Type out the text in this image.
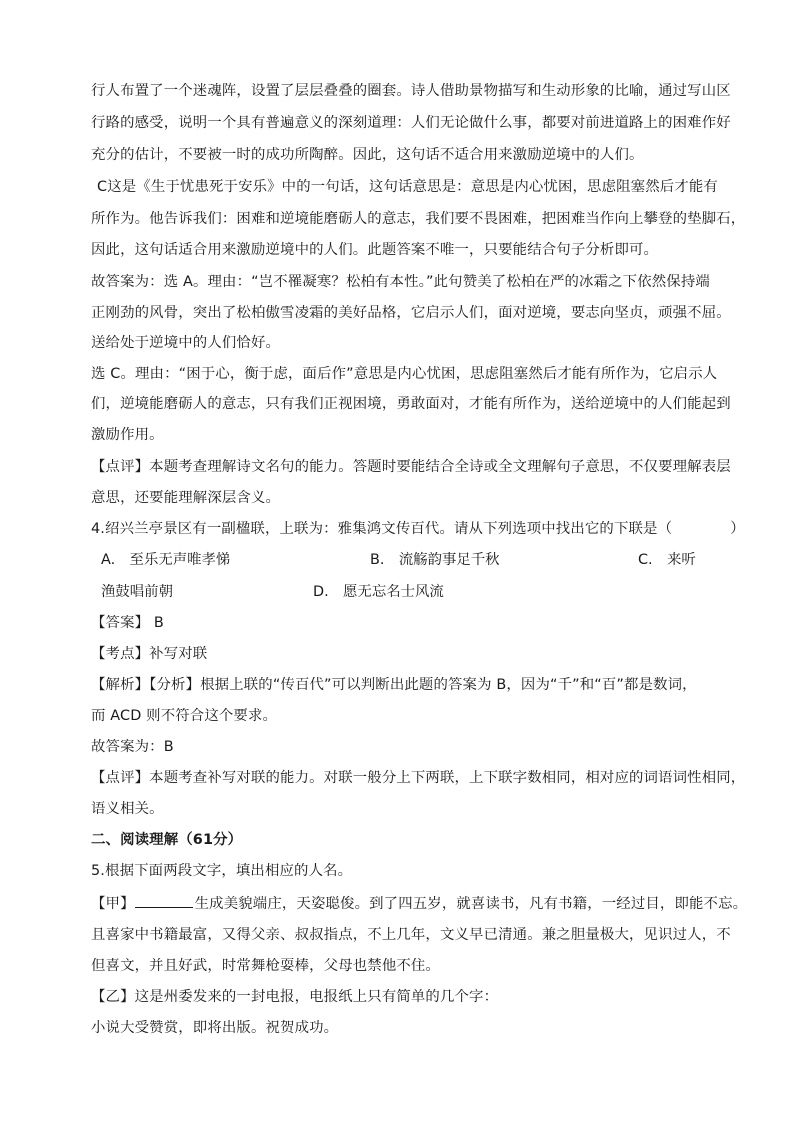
行人布置了一个迷魂阵，设置了层层叠叠的圈套。诗人借助景物描写和生动形象的比喻，通过写山区
行路的感受，说明一个具有普遍意义的深刻道理：人们无论做什么事，都要对前进道路上的困难作好
充分的估计，不要被一时的成功所陶醉。因此，这句话不适合用来激励逆境中的人们。
C这是《生于忧患死于安乐》中的一句话，这句话意思是：意思是内心忧困，思虑阻塞然后才能有
所作为。他告诉我们：困难和逆境能磨砺人的意志，我们要不畏困难，把困难当作向上攀登的垫脚石，
因此，这句话适合用来激励逆境中的人们。此题答案不唯一，只要能结合句子分析即可。
故答案为：选 A。理由：“岂不罹凝寒？松柏有本性。”此句赞美了松柏在严的冰霜之下依然保持端
正刚劲的风骨，突出了松柏傲雪凌霜的美好品格，它启示人们，面对逆境，要志向坚贞，顽强不屈。
送给处于逆境中的人们恰好。
选 C。理由：“困于心，衡于虑，面后作”意思是内心忧困，思虑阻塞然后才能有所作为，它启示人
们，逆境能磨砺人的意志，只有我们正视困境，勇敢面对，才能有所作为，送给逆境中的人们能起到
激励作用。
【点评】本题考查理解诗文名句的能力。答题时要能结合全诗或全文理解句子意思，不仅要理解表层
意思，还要能理解深层含义。
4.绍兴兰亭景区有一副楹联，上联为：雅集鸿文传百代。请从下列选项中找出它的下联是（　　　　）
A.　至乐无声唯孝悌	B.　流觞韵事足千秋	C.　来听
渔鼓唱前朝	D.　愿无忘名士风流
【答案】 B
【考点】补写对联
【解析】【分析】根据上联的“传百代”可以判断出此题的答案为 B，因为“千”和“百”都是数词，
而 ACD 则不符合这个要求。
故答案为：B
【点评】本题考查补写对联的能力。对联一般分上下两联，上下联字数相同，相对应的词语词性相同，
语义相关。
二、阅读理解（61分）
5.根据下面两段文字，填出相应的人名。
【甲】	生成美貌端庄，天姿聪俊。到了四五岁，就喜读书，凡有书籍，一经过目，即能不忘。
且喜家中书籍最富，又得父亲、叔叔指点，不上几年，文义早已清通。兼之胆量极大，见识过人，不
但喜文，并且好武，时常舞枪耍棒，父母也禁他不住。
【乙】这是州委发来的一封电报，电报纸上只有简单的几个字：
小说大受赞赏，即将出版。祝贺成功。
